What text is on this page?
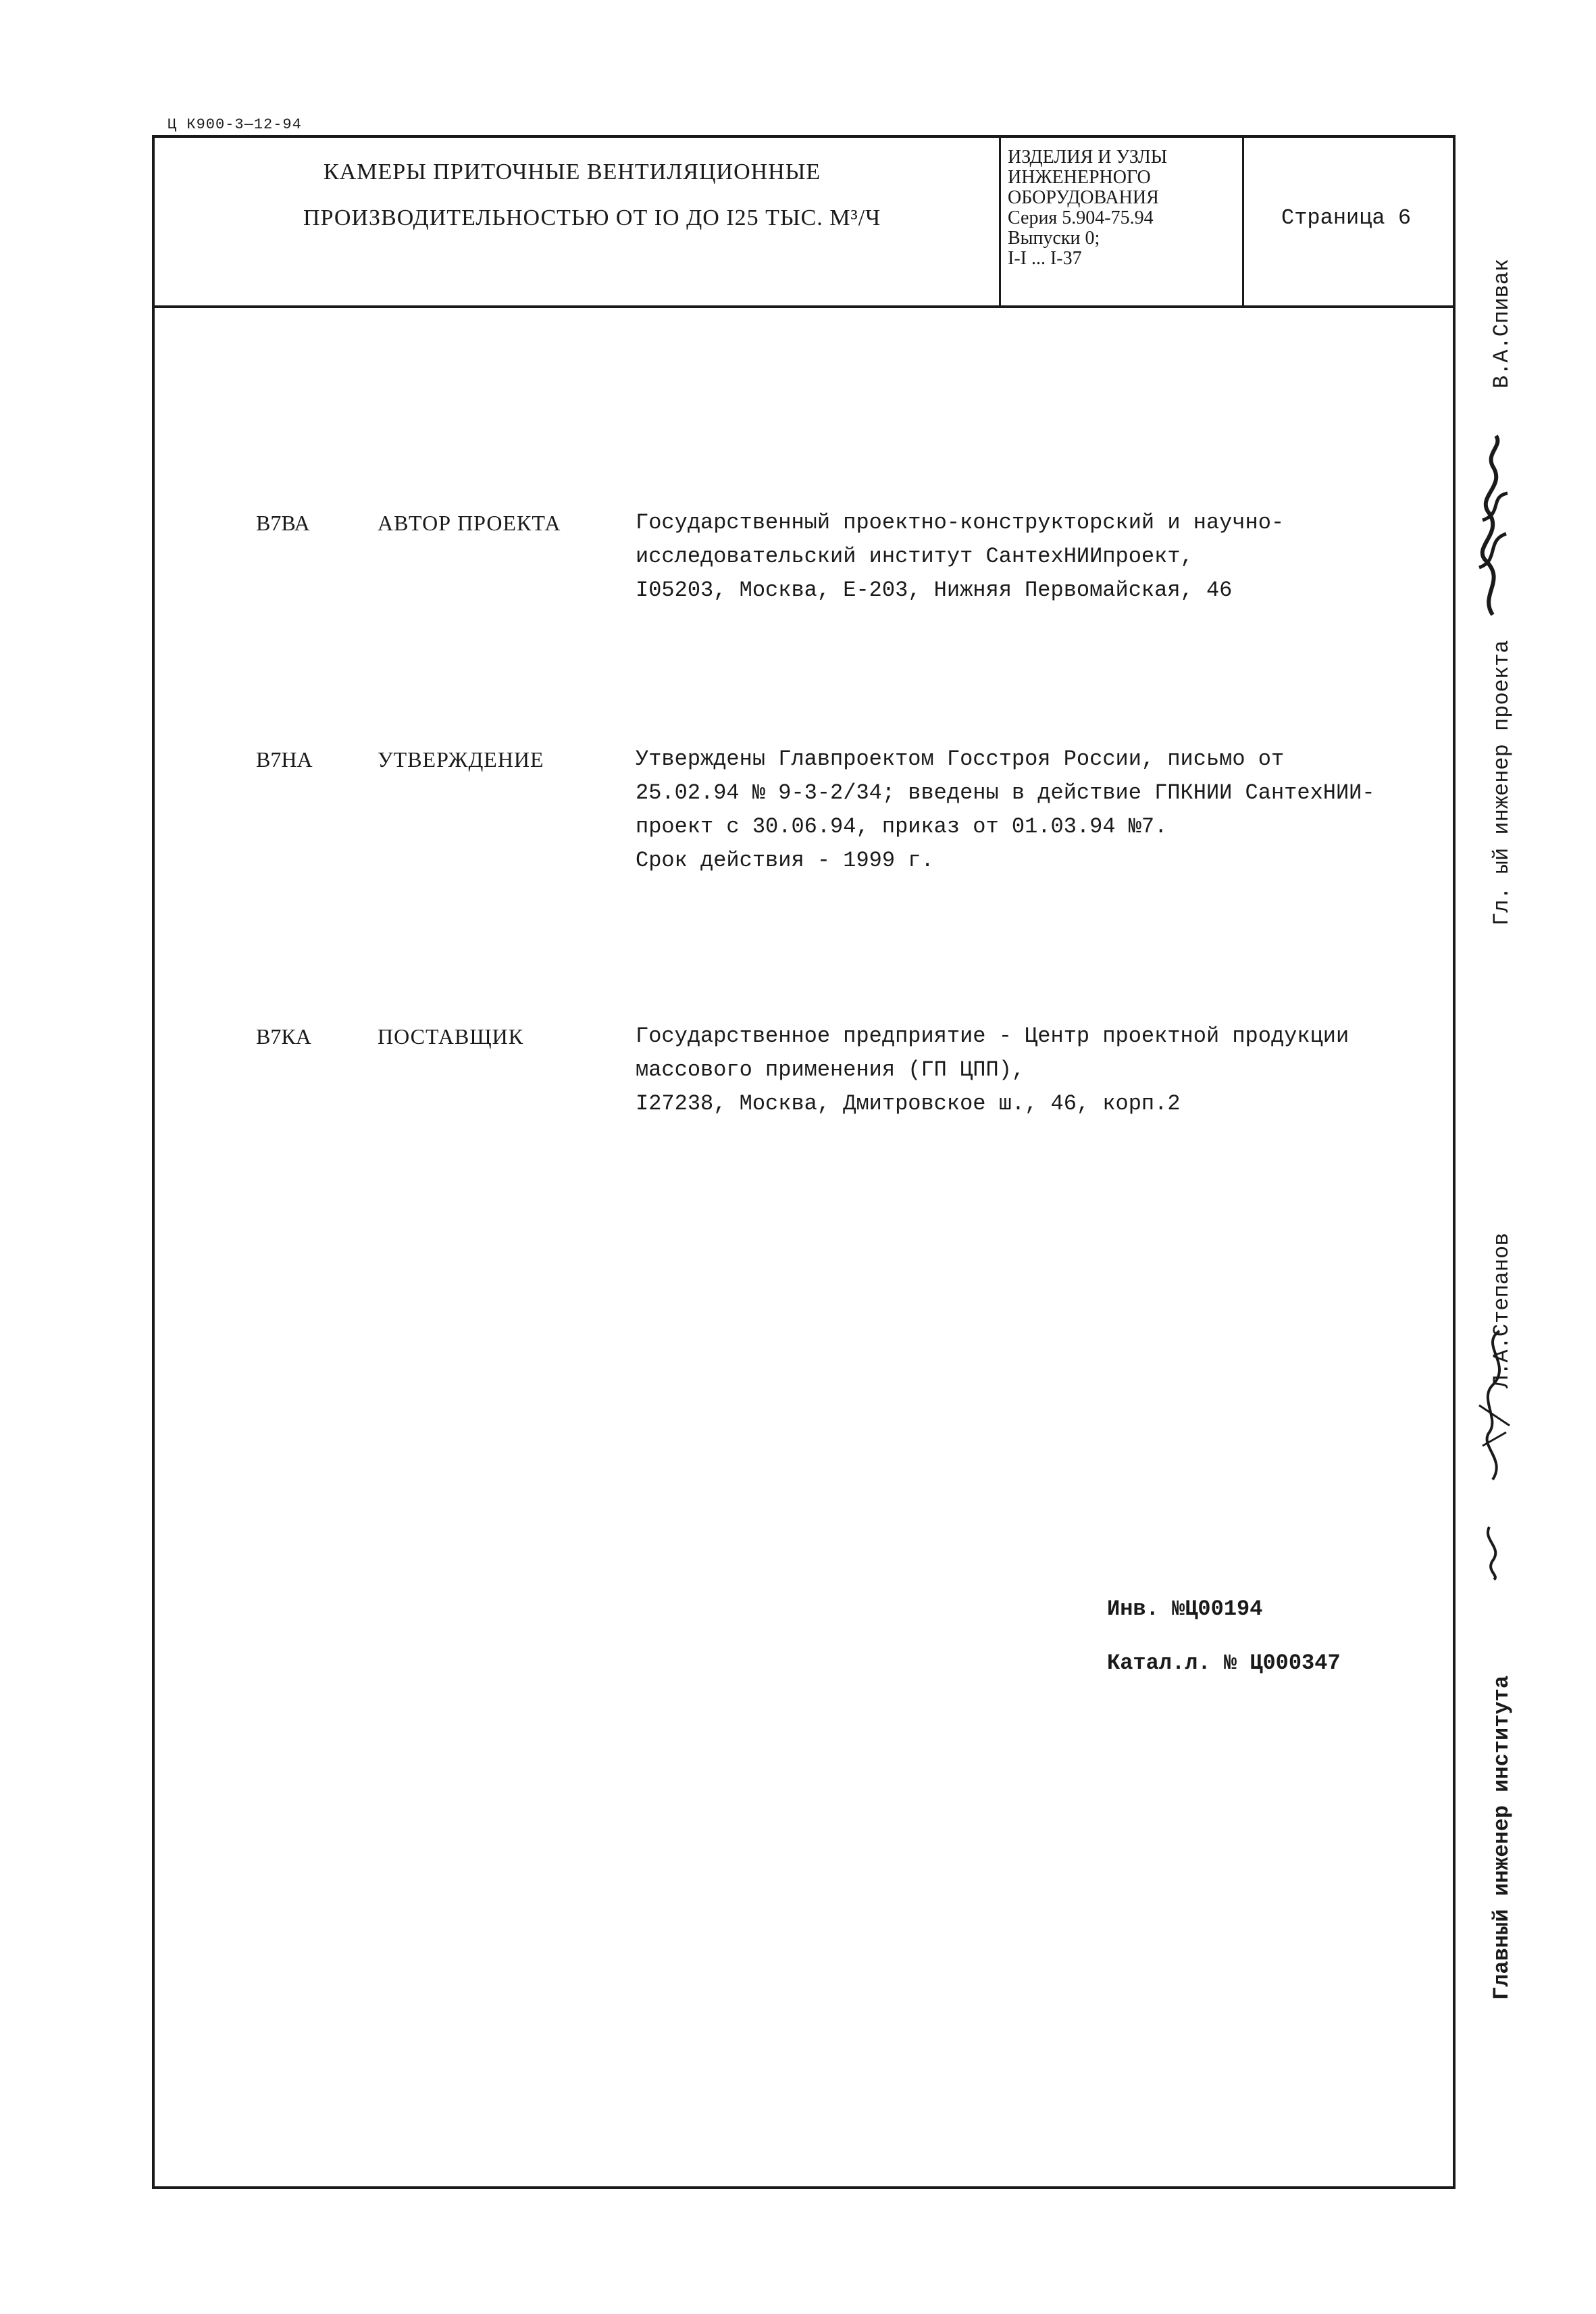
Ц К900-3—12-94
КАМЕРЫ ПРИТОЧНЫЕ ВЕНТИЛЯЦИОННЫЕ
ПРОИЗВОДИТЕЛЬНОСТЬЮ ОТ IO ДО I25 ТЫС. М³/Ч
ИЗДЕЛИЯ И УЗЛЫ
ИНЖЕНЕРНОГО
ОБОРУДОВАНИЯ
Серия 5.904-75.94
Выпуски 0;
I-I ... I-37
Страница 6
В7ВА	АВТОР ПРОЕКТА	Государственный проектно-конструкторский и научно-
исследовательский институт СантехНИИпроект,
I05203, Москва, Е-203, Нижняя Первомайская, 46
В7НА	УТВЕРЖДЕНИЕ	Утверждены Главпроектом Госстроя России, письмо от
25.02.94 № 9-3-2/34; введены в действие ГПКНИИ СантехНИИ-
проект с 30.06.94, приказ от 01.03.94 №7.
Срок действия - 1999 г.
В7КА	ПОСТАВЩИК	Государственное предприятие - Центр проектной продукции
массового применения (ГП ЦПП),
I27238, Москва, Дмитровское ш., 46, корп.2
Инв. №Ц00194
Катал.л. № Ц000347
Гл. ый инженер проекта
В.А.Спивак
Главный инженер института
Л.А.Степанов
